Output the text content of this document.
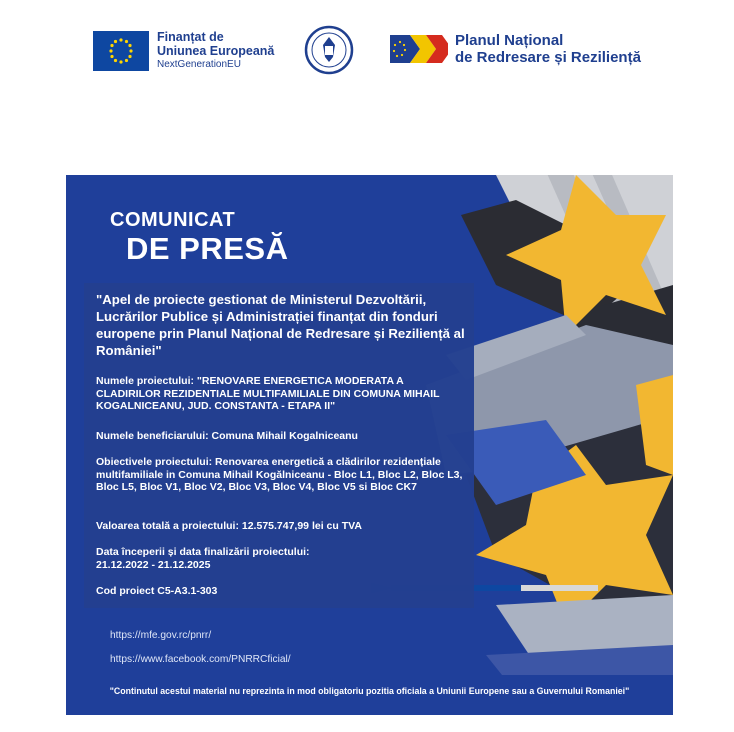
Finanțat de
Uniunea Europeană
NextGenerationEU
Planul Național
de Redresare și Reziliență
COMUNICAT
DE PRESĂ
"Apel de proiecte gestionat de Ministerul Dezvoltării, Lucrărilor Publice și Administrației finanțat din fonduri europene prin Planul Național de Redresare și Reziliență al României"
Numele proiectului: "RENOVARE ENERGETICA MODERATA A CLADIRILOR REZIDENTIALE MULTIFAMILIALE DIN COMUNA MIHAIL KOGALNICEANU, JUD. CONSTANTA - ETAPA II"
Numele beneficiarului: Comuna Mihail Kogalniceanu
Obiectivele proiectului: Renovarea energetică a clădirilor rezidențiale multifamiliale in Comuna Mihail Kogălniceanu - Bloc L1, Bloc L2, Bloc L3, Bloc L5, Bloc V1, Bloc V2, Bloc V3, Bloc V4, Bloc V5 si Bloc CK7
Valoarea totală a proiectului: 12.575.747,99 lei cu TVA
Data începerii și data finalizării proiectului: 21.12.2022 - 21.12.2025
Cod proiect C5-A3.1-303
https://mfe.gov.rc/pnrr/
https://www.facebook.com/PNRRCficial/
"Continutul acestui material nu reprezinta in mod obligatoriu pozitia oficiala a Uniunii Europene sau a Guvernului Romaniei"
